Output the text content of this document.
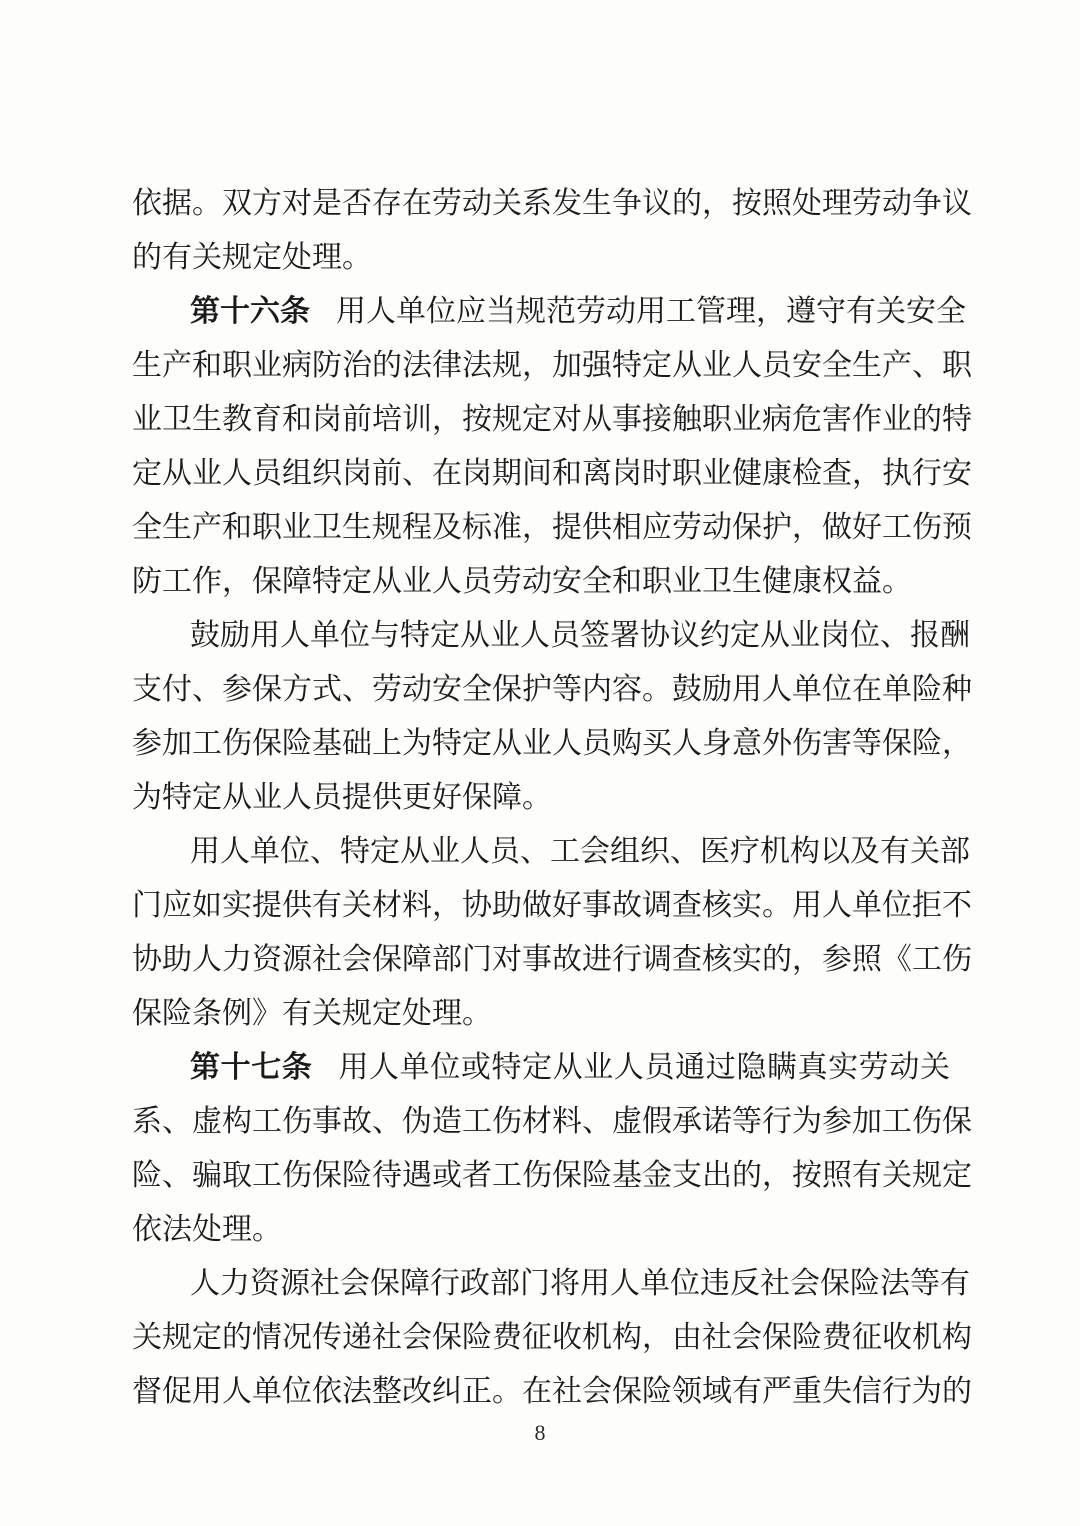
依据。双方对是否存在劳动关系发生争议的，按照处理劳动争议
的有关规定处理。
第十六条 用人单位应当规范劳动用工管理，遵守有关安全
生产和职业病防治的法律法规，加强特定从业人员安全生产、职
业卫生教育和岗前培训，按规定对从事接触职业病危害作业的特
定从业人员组织岗前、在岗期间和离岗时职业健康检查，执行安
全生产和职业卫生规程及标准，提供相应劳动保护，做好工伤预
防工作，保障特定从业人员劳动安全和职业卫生健康权益。
鼓励用人单位与特定从业人员签署协议约定从业岗位、报酬
支付、参保方式、劳动安全保护等内容。鼓励用人单位在单险种
参加工伤保险基础上为特定从业人员购买人身意外伤害等保险，
为特定从业人员提供更好保障。
用人单位、特定从业人员、工会组织、医疗机构以及有关部
门应如实提供有关材料，协助做好事故调查核实。用人单位拒不
协助人力资源社会保障部门对事故进行调查核实的，参照《工伤
保险条例》有关规定处理。
第十七条 用人单位或特定从业人员通过隐瞒真实劳动关
系、虚构工伤事故、伪造工伤材料、虚假承诺等行为参加工伤保
险、骗取工伤保险待遇或者工伤保险基金支出的，按照有关规定
依法处理。
人力资源社会保障行政部门将用人单位违反社会保险法等有
关规定的情况传递社会保险费征收机构，由社会保险费征收机构
督促用人单位依法整改纠正。在社会保险领域有严重失信行为的
8
